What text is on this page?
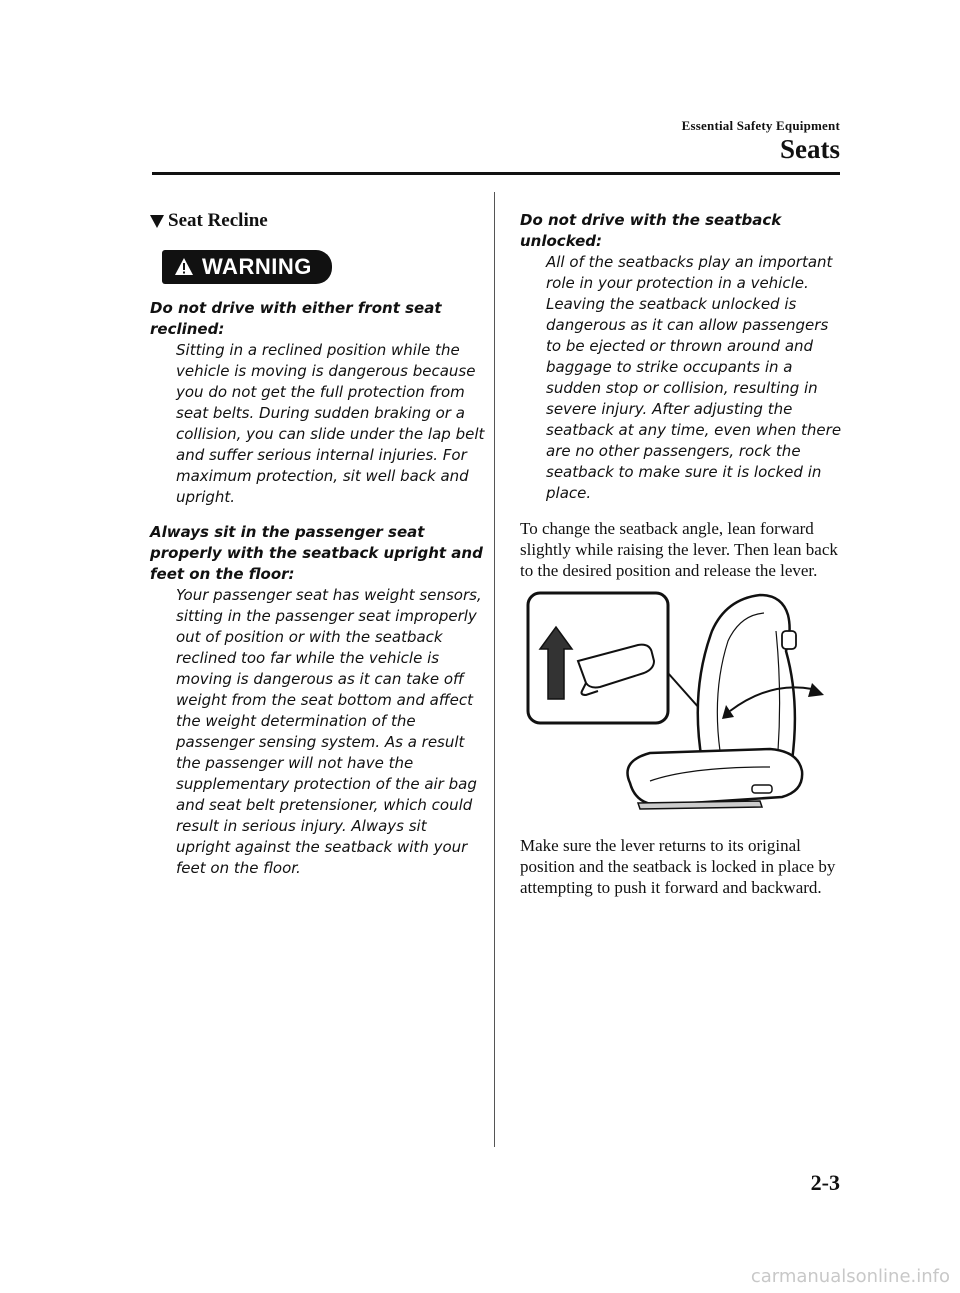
Essential Safety Equipment
Seats
Seat Recline
WARNING

Do not drive with either front seat reclined:

Sitting in a reclined position while the vehicle is moving is dangerous because you do not get the full protection from seat belts. During sudden braking or a collision, you can slide under the lap belt and suffer serious internal injuries. For maximum protection, sit well back and upright.

Always sit in the passenger seat properly with the seatback upright and feet on the floor:

Your passenger seat has weight sensors, sitting in the passenger seat improperly out of position or with the seatback reclined too far while the vehicle is moving is dangerous as it can take off weight from the seat bottom and affect the weight determination of the passenger sensing system. As a result the passenger will not have the supplementary protection of the air bag and seat belt pretensioner, which could result in serious injury. Always sit upright against the seatback with your feet on the floor.

Do not drive with the seatback unlocked:

All of the seatbacks play an important role in your protection in a vehicle. Leaving the seatback unlocked is dangerous as it can allow passengers to be ejected or thrown around and baggage to strike occupants in a sudden stop or collision, resulting in severe injury. After adjusting the seatback at any time, even when there are no other passengers, rock the seatback to make sure it is locked in place.

To change the seatback angle, lean forward slightly while raising the lever. Then lean back to the desired position and release the lever.

Make sure the lever returns to its original position and the seatback is locked in place by attempting to push it forward and backward.

2-3
carmanualsonline.info
